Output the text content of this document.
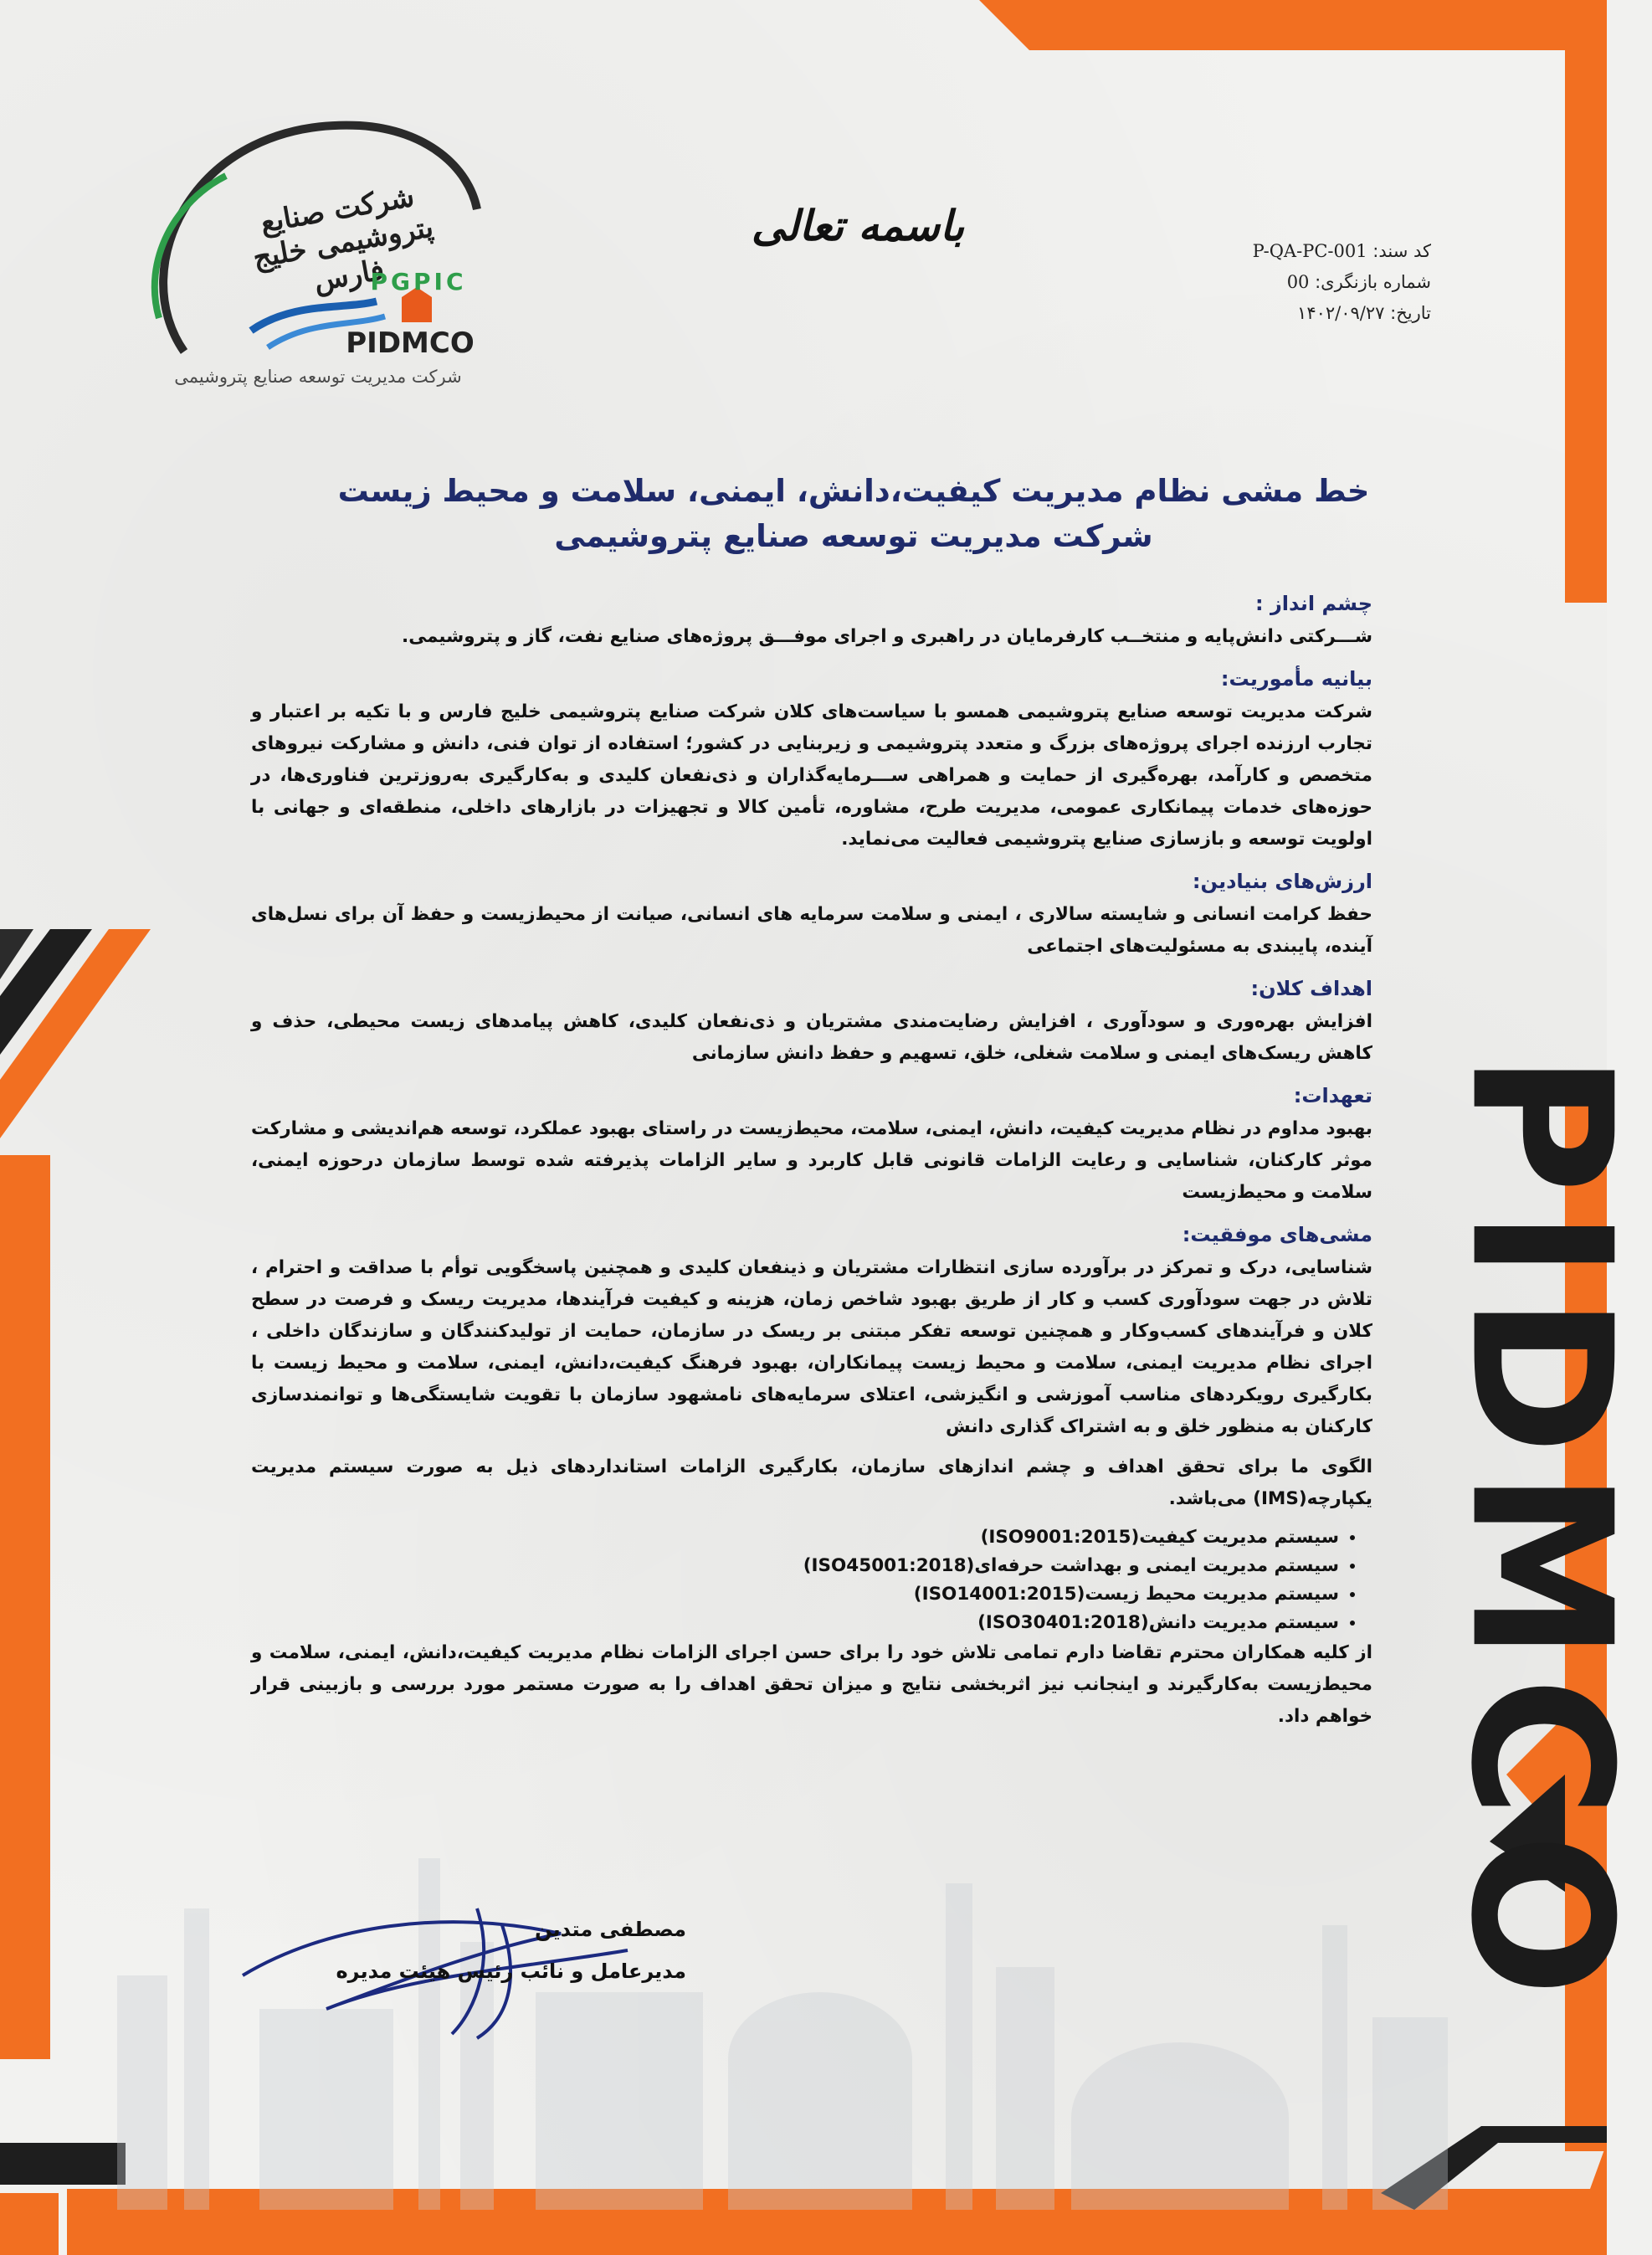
PIDMCO
شرکت صنایع پتروشیمی خلیج فارس
PGPIC
PIDMCO
شرکت مدیریت توسعه صنایع پتروشیمی
باسمه تعالی
کد سند: P-QA-PC-001
شماره بازنگری: 00
تاریخ: ۱۴۰۲/۰۹/۲۷
خط مشی نظام مدیریت کیفیت،دانش، ایمنی، سلامت و محیط زیست
شرکت مدیریت توسعه صنایع پتروشیمی
چشم انداز :

شـــرکتی دانش‌پایه و منتخــب کارفرمایان در راهبری و اجرای موفـــق پروژه‌های صنایع نفت، گاز و پتروشیمی.

بیانیه مأموریت:

شرکت مدیریت توسعه صنایع پتروشیمی همسو با سیاست‌های کلان شرکت صنایع پتروشیمی خلیج فارس و با تکیه بر اعتبار و تجارب ارزنده اجرای پروژه‌های بزرگ و متعدد پتروشیمی و زیربنایی در کشور؛ استفاده از توان فنی، دانش و مشارکت نیروهای متخصص و کارآمد، بهره‌گیری از حمایت و همراهی ســـرمایه‌گذاران و ذی‌نفعان کلیدی و به‌کارگیری به‌روزترین فناوری‌ها، در حوزه‌های خدمات پیمانکاری عمومی، مدیریت طرح، مشاوره، تأمین کالا و تجهیزات در بازارهای داخلی، منطقه‌ای و جهانی با اولویت توسعه و بازسازی صنایع پتروشیمی فعالیت می‌نماید.

ارزش‌های بنیادین:

حفظ کرامت انسانی و شایسته سالاری ، ایمنی و سلامت سرمایه های انسانی، صیانت از محیط‌زیست و حفظ آن برای نسل‌های آینده، پایبندی به مسئولیت‌های اجتماعی

اهداف کلان:

افزایش بهره‌وری و سودآوری ، افزایش رضایت‌مندی مشتریان و ذی‌نفعان کلیدی، کاهش پیامدهای زیست محیطی، حذف و کاهش ریسک‌های ایمنی و سلامت شغلی، خلق، تسهیم و حفظ دانش سازمانی

تعهدات:

بهبود مداوم در نظام مدیریت کیفیت، دانش، ایمنی، سلامت، محیط‌زیست در راستای بهبود عملکرد، توسعه هم‌اندیشی و مشارکت موثر کارکنان، شناسایی و رعایت الزامات قانونی قابل کاربرد و سایر الزامات پذیرفته شده توسط سازمان درحوزه ایمنی، سلامت و محیط‌زیست

مشی‌های موفقیت:

شناسایی، درک و تمرکز در برآورده سازی انتظارات مشتریان و ذینفعان کلیدی و همچنین پاسخگویی توأم با صداقت و احترام ، تلاش در جهت سودآوری کسب و کار از طریق بهبود شاخص زمان، هزینه و کیفیت فرآیندها، مدیریت ریسک و فرصت در سطح کلان و فرآیندهای کسب‌وکار و همچنین توسعه تفکر مبتنی بر ریسک در سازمان، حمایت از تولیدکنندگان و سازندگان داخلی ، اجرای نظام مدیریت ایمنی، سلامت و محیط زیست پیمانکاران، بهبود فرهنگ کیفیت،دانش، ایمنی، سلامت و محیط زیست با بکارگیری رویکردهای مناسب آموزشی و انگیزشی، اعتلای سرمایه‌های نامشهود سازمان با تقویت شایستگی‌ها و توانمندسازی کارکنان به منظور خلق و به اشتراک گذاری دانش

الگوی ما برای تحقق اهداف و چشم اندازهای سازمان، بکارگیری الزامات استانداردهای ذیل به صورت سیستم مدیریت یکپارچه(IMS) می‌باشد.

• سیستم مدیریت کیفیت(ISO9001:2015)
• سیستم مدیریت ایمنی و بهداشت حرفه‌ای(ISO45001:2018)
• سیستم مدیریت محیط زیست(ISO14001:2015)
• سیستم مدیریت دانش(ISO30401:2018)

از کلیه همکاران محترم تقاضا دارم تمامی تلاش خود را برای حسن اجرای الزامات نظام مدیریت کیفیت،دانش، ایمنی، سلامت و محیط‌زیست به‌کارگیرند و اینجانب نیز اثربخشی نتایج و میزان تحقق اهداف را به صورت مستمر مورد بررسی و بازبینی قرار خواهم داد.

مصطفی متدین
مدیرعامل و نائب رئیس هیئت مدیره
